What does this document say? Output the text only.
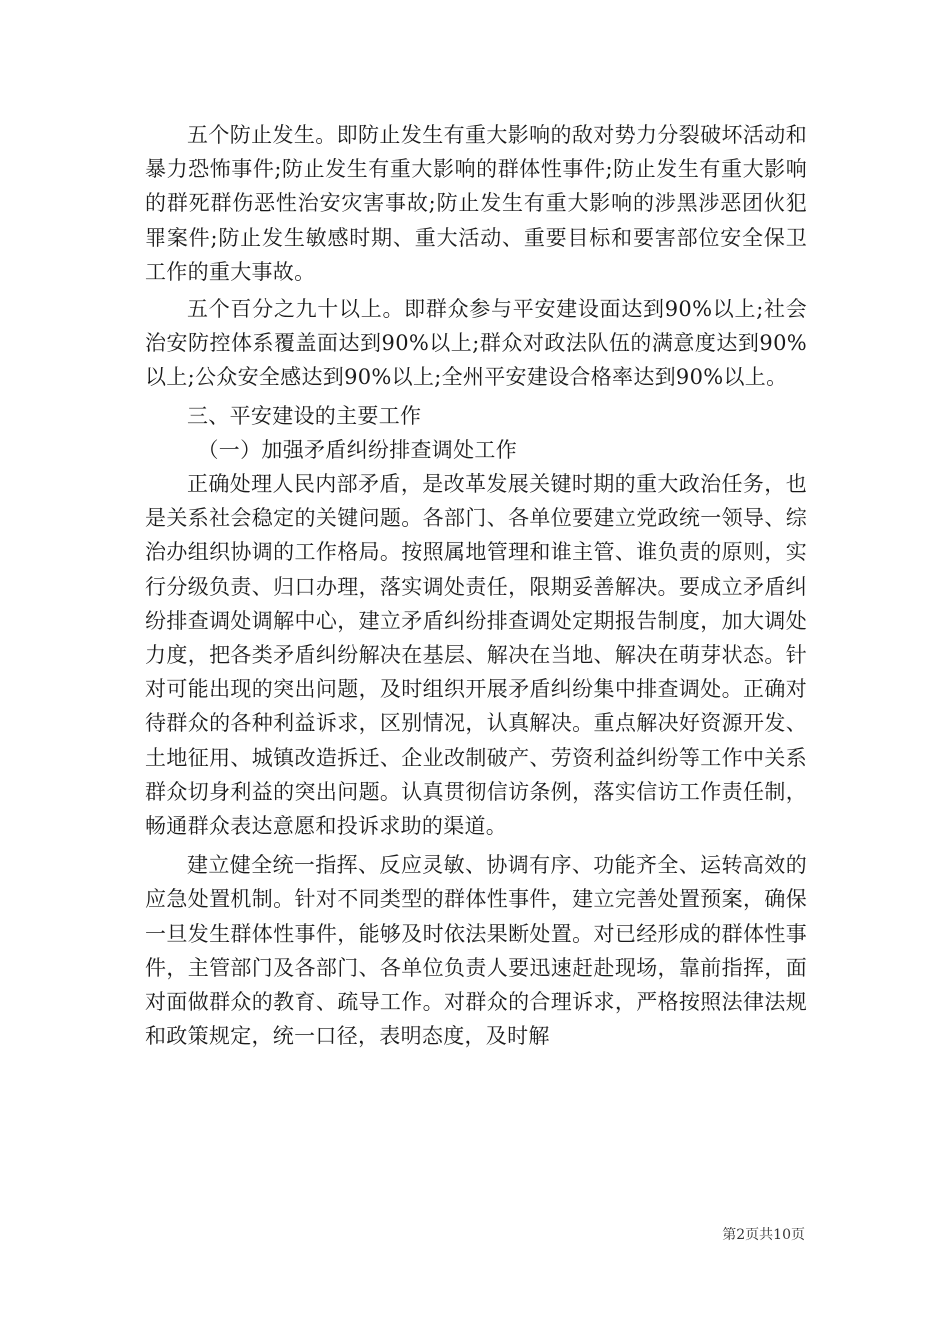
五个防止发生。即防止发生有重大影响的敌对势力分裂破坏活动和暴力恐怖事件;防止发生有重大影响的群体性事件;防止发生有重大影响的群死群伤恶性治安灾害事故;防止发生有重大影响的涉黑涉恶团伙犯罪案件;防止发生敏感时期、重大活动、重要目标和要害部位安全保卫工作的重大事故。

五个百分之九十以上。即群众参与平安建设面达到90%以上;社会治安防控体系覆盖面达到90%以上;群众对政法队伍的满意度达到90%以上;公众安全感达到90%以上;全州平安建设合格率达到90%以上。

三、平安建设的主要工作

（一）加强矛盾纠纷排查调处工作

正确处理人民内部矛盾，是改革发展关键时期的重大政治任务，也是关系社会稳定的关键问题。各部门、各单位要建立党政统一领导、综治办组织协调的工作格局。按照属地管理和谁主管、谁负责的原则，实行分级负责、归口办理，落实调处责任，限期妥善解决。要成立矛盾纠纷排查调处调解中心，建立矛盾纠纷排查调处定期报告制度，加大调处力度，把各类矛盾纠纷解决在基层、解决在当地、解决在萌芽状态。针对可能出现的突出问题，及时组织开展矛盾纠纷集中排查调处。正确对待群众的各种利益诉求，区别情况，认真解决。重点解决好资源开发、土地征用、城镇改造拆迁、企业改制破产、劳资利益纠纷等工作中关系群众切身利益的突出问题。认真贯彻信访条例，落实信访工作责任制，畅通群众表达意愿和投诉求助的渠道。

建立健全统一指挥、反应灵敏、协调有序、功能齐全、运转高效的应急处置机制。针对不同类型的群体性事件，建立完善处置预案，确保一旦发生群体性事件，能够及时依法果断处置。对已经形成的群体性事件，主管部门及各部门、各单位负责人要迅速赶赴现场，靠前指挥，面对面做群众的教育、疏导工作。对群众的合理诉求，严格按照法律法规和政策规定，统一口径，表明态度，及时解

第2页共10页
